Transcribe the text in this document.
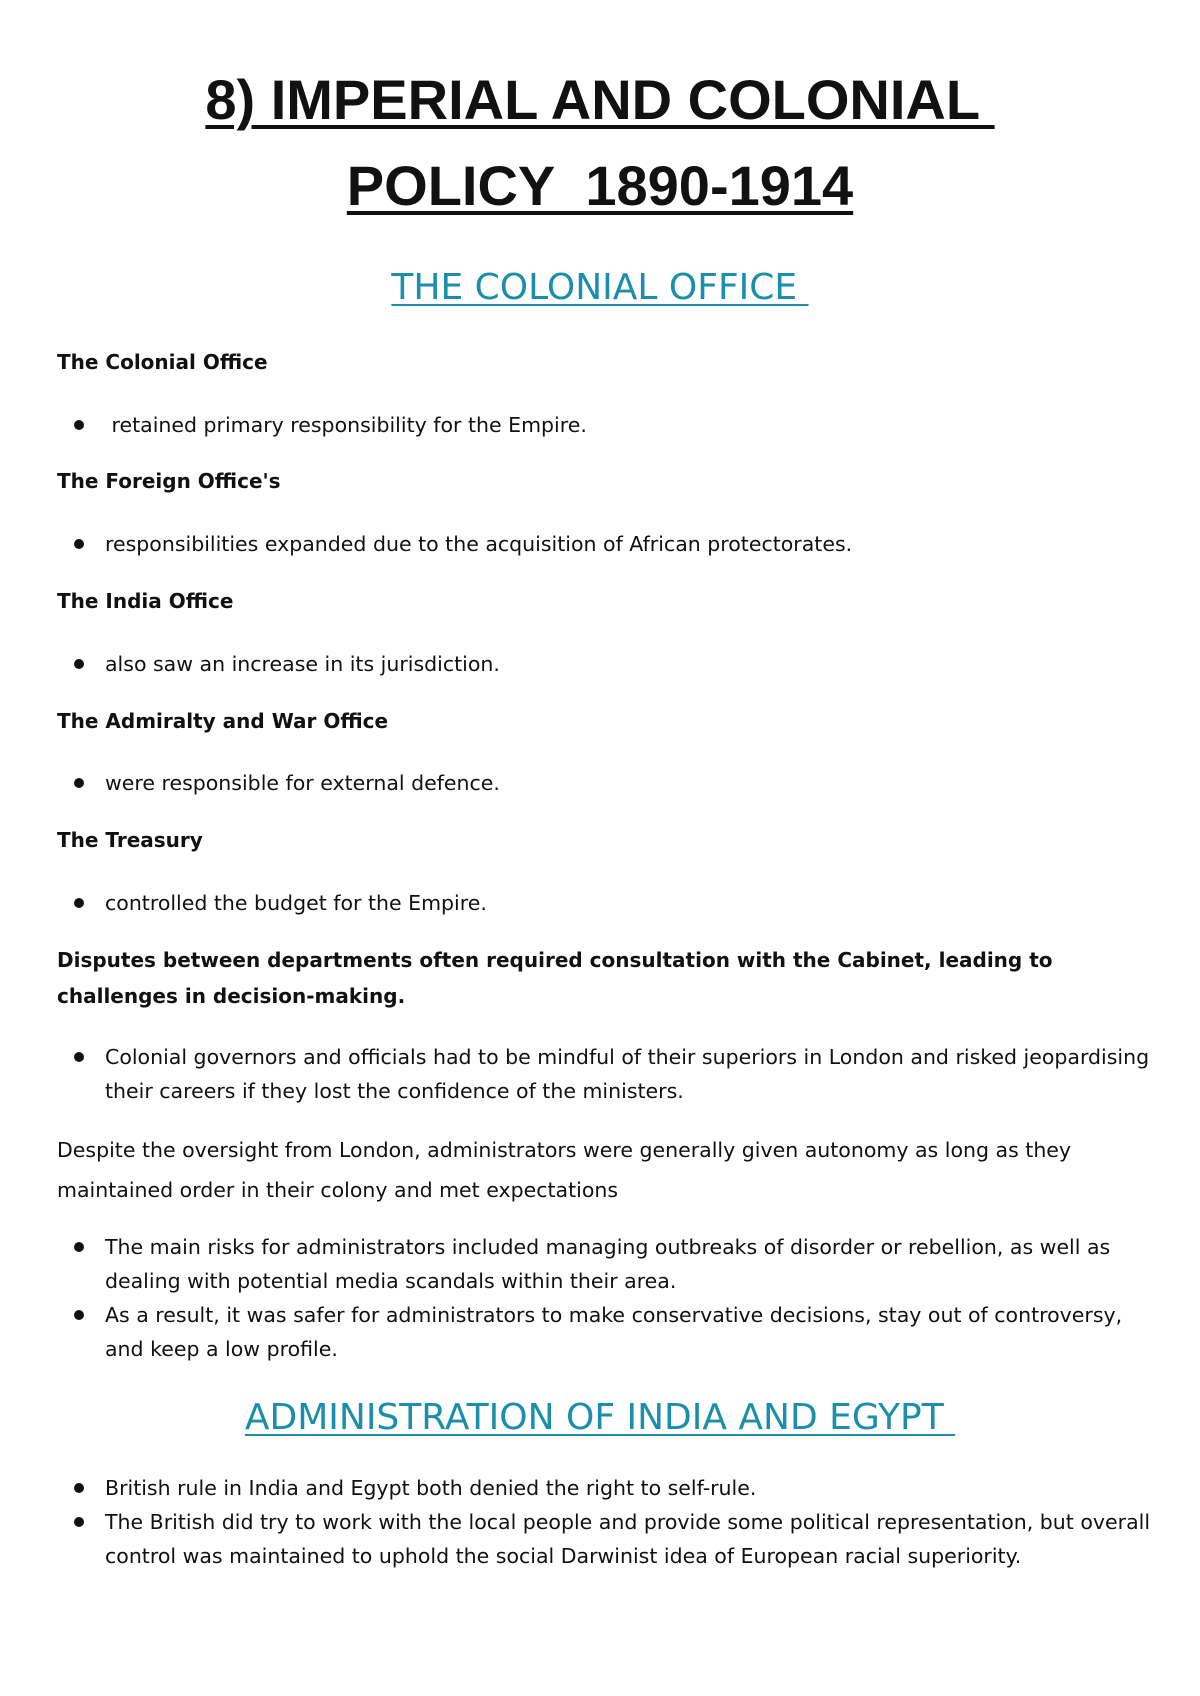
8) IMPERIAL AND COLONIAL
POLICY  1890-1914
THE COLONIAL OFFICE
The Colonial Office
retained primary responsibility for the Empire.
The Foreign Office's
responsibilities expanded due to the acquisition of African protectorates.
The India Office
also saw an increase in its jurisdiction.
The Admiralty and War Office
were responsible for external defence.
The Treasury
controlled the budget for the Empire.
Disputes between departments often required consultation with the Cabinet, leading to challenges in decision-making.
Colonial governors and officials had to be mindful of their superiors in London and risked jeopardising their careers if they lost the confidence of the ministers.
Despite the oversight from London, administrators were generally given autonomy as long as they maintained order in their colony and met expectations
The main risks for administrators included managing outbreaks of disorder or rebellion, as well as dealing with potential media scandals within their area.
As a result, it was safer for administrators to make conservative decisions, stay out of controversy, and keep a low profile.
ADMINISTRATION OF INDIA AND EGYPT
British rule in India and Egypt both denied the right to self-rule.
The British did try to work with the local people and provide some political representation, but overall control was maintained to uphold the social Darwinist idea of European racial superiority.
